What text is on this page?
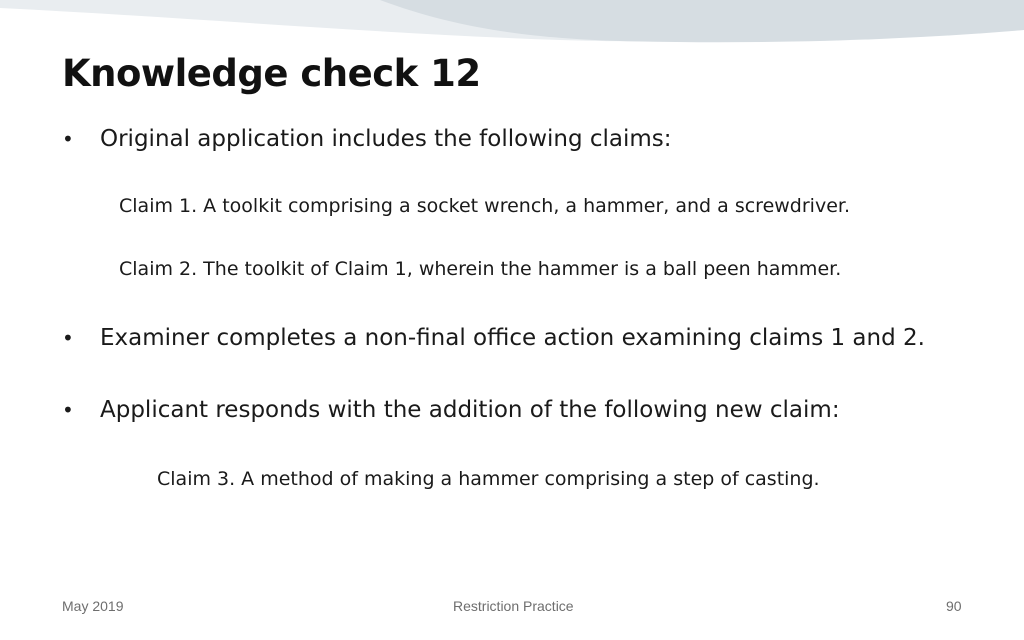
Knowledge check 12
• Original application includes the following claims:
Claim 1. A toolkit comprising a socket wrench, a hammer, and a screwdriver.
Claim 2. The toolkit of Claim 1, wherein the hammer is a ball peen hammer.
• Examiner completes a non-final office action examining claims 1 and 2.
• Applicant responds with the addition of the following new claim:
Claim 3. A method of making a hammer comprising a step of casting.
May 2019	Restriction Practice	90
